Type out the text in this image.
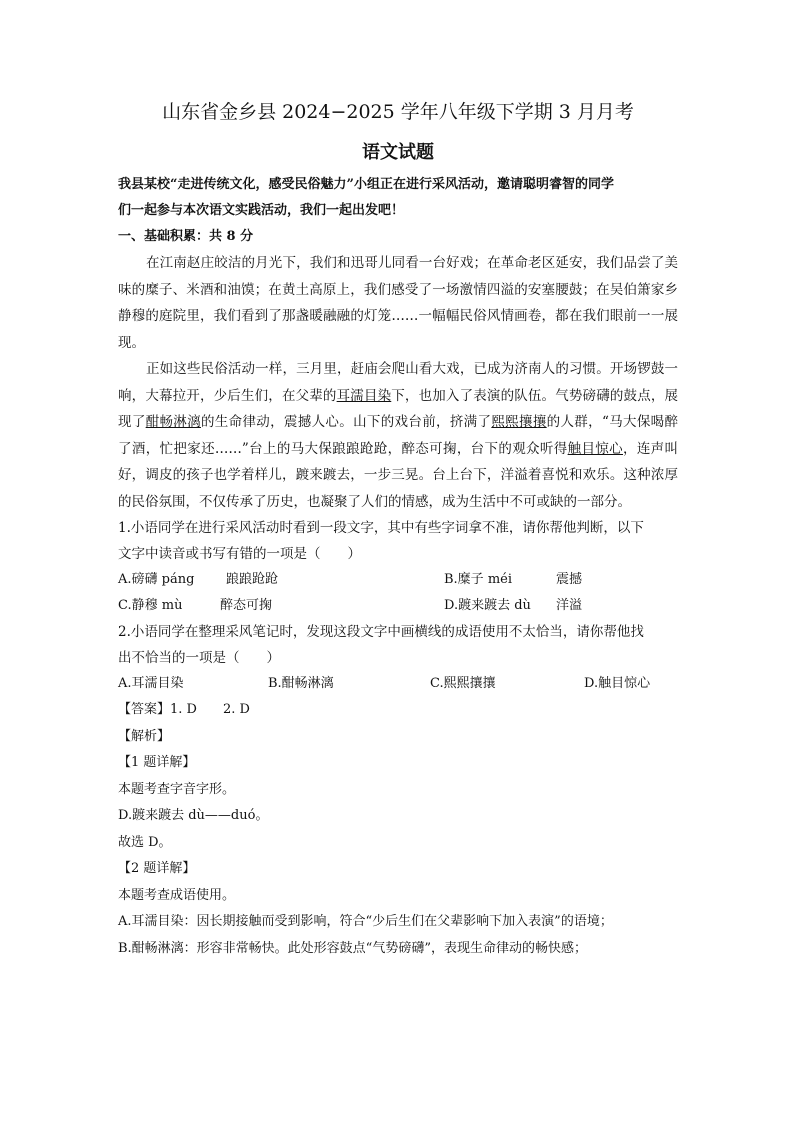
山东省金乡县 2024−2025 学年八年级下学期 3 月月考
语文试题
我县某校“走进传统文化，感受民俗魅力”小组正在进行采风活动，邀请聪明睿智的同学
们一起参与本次语文实践活动，我们一起出发吧！
一、基础积累：共 8 分
在江南赵庄皎洁的月光下，我们和迅哥儿同看一台好戏；在革命老区延安，我们品尝了美味的糜子、米酒和油馍；在黄土高原上，我们感受了一场激情四溢的安塞腰鼓；在吴伯箫家乡静穆的庭院里，我们看到了那盏暖融融的灯笼……一幅幅民俗风情画卷，都在我们眼前一一展现。
正如这些民俗活动一样，三月里，赶庙会爬山看大戏，已成为济南人的习惯。开场锣鼓一响，大幕拉开，少后生们，在父辈的耳濡目染下，也加入了表演的队伍。气势磅礴的鼓点，展现了酣畅淋漓的生命律动，震撼人心。山下的戏台前，挤满了熙熙攘攘的人群，“马大保喝醉了酒，忙把家还……”台上的马大保踉踉跄跄，醉态可掬，台下的观众听得触目惊心，连声叫好，调皮的孩子也学着样儿，踱来踱去，一步三晃。台上台下，洋溢着喜悦和欢乐。这种浓厚的民俗氛围，不仅传承了历史，也凝聚了人们的情感，成为生活中不可或缺的一部分。
1.小语同学在进行采风活动时看到一段文字，其中有些字词拿不准，请你帮他判断，以下
文字中读音或书写有错的一项是（　　）
A.磅礴 páng 踉踉跄跄	B.糜子 méi	震撼
C.静穆 mù	醉态可掬	D.踱来踱去 dù 洋溢
2.小语同学在整理采风笔记时，发现这段文字中画横线的成语使用不太恰当，请你帮他找
出不恰当的一项是（　　）
A.耳濡目染	B.酣畅淋漓	C.熙熙攘攘	D.触目惊心
【答案】1. D　　2. D
【解析】
【1 题详解】
本题考查字音字形。
D.踱来踱去 dù——duó。
故选 D。
【2 题详解】
本题考查成语使用。
A.耳濡目染：因长期接触而受到影响，符合“少后生们在父辈影响下加入表演”的语境；
B.酣畅淋漓：形容非常畅快。此处形容鼓点“气势磅礴”，表现生命律动的畅快感；
